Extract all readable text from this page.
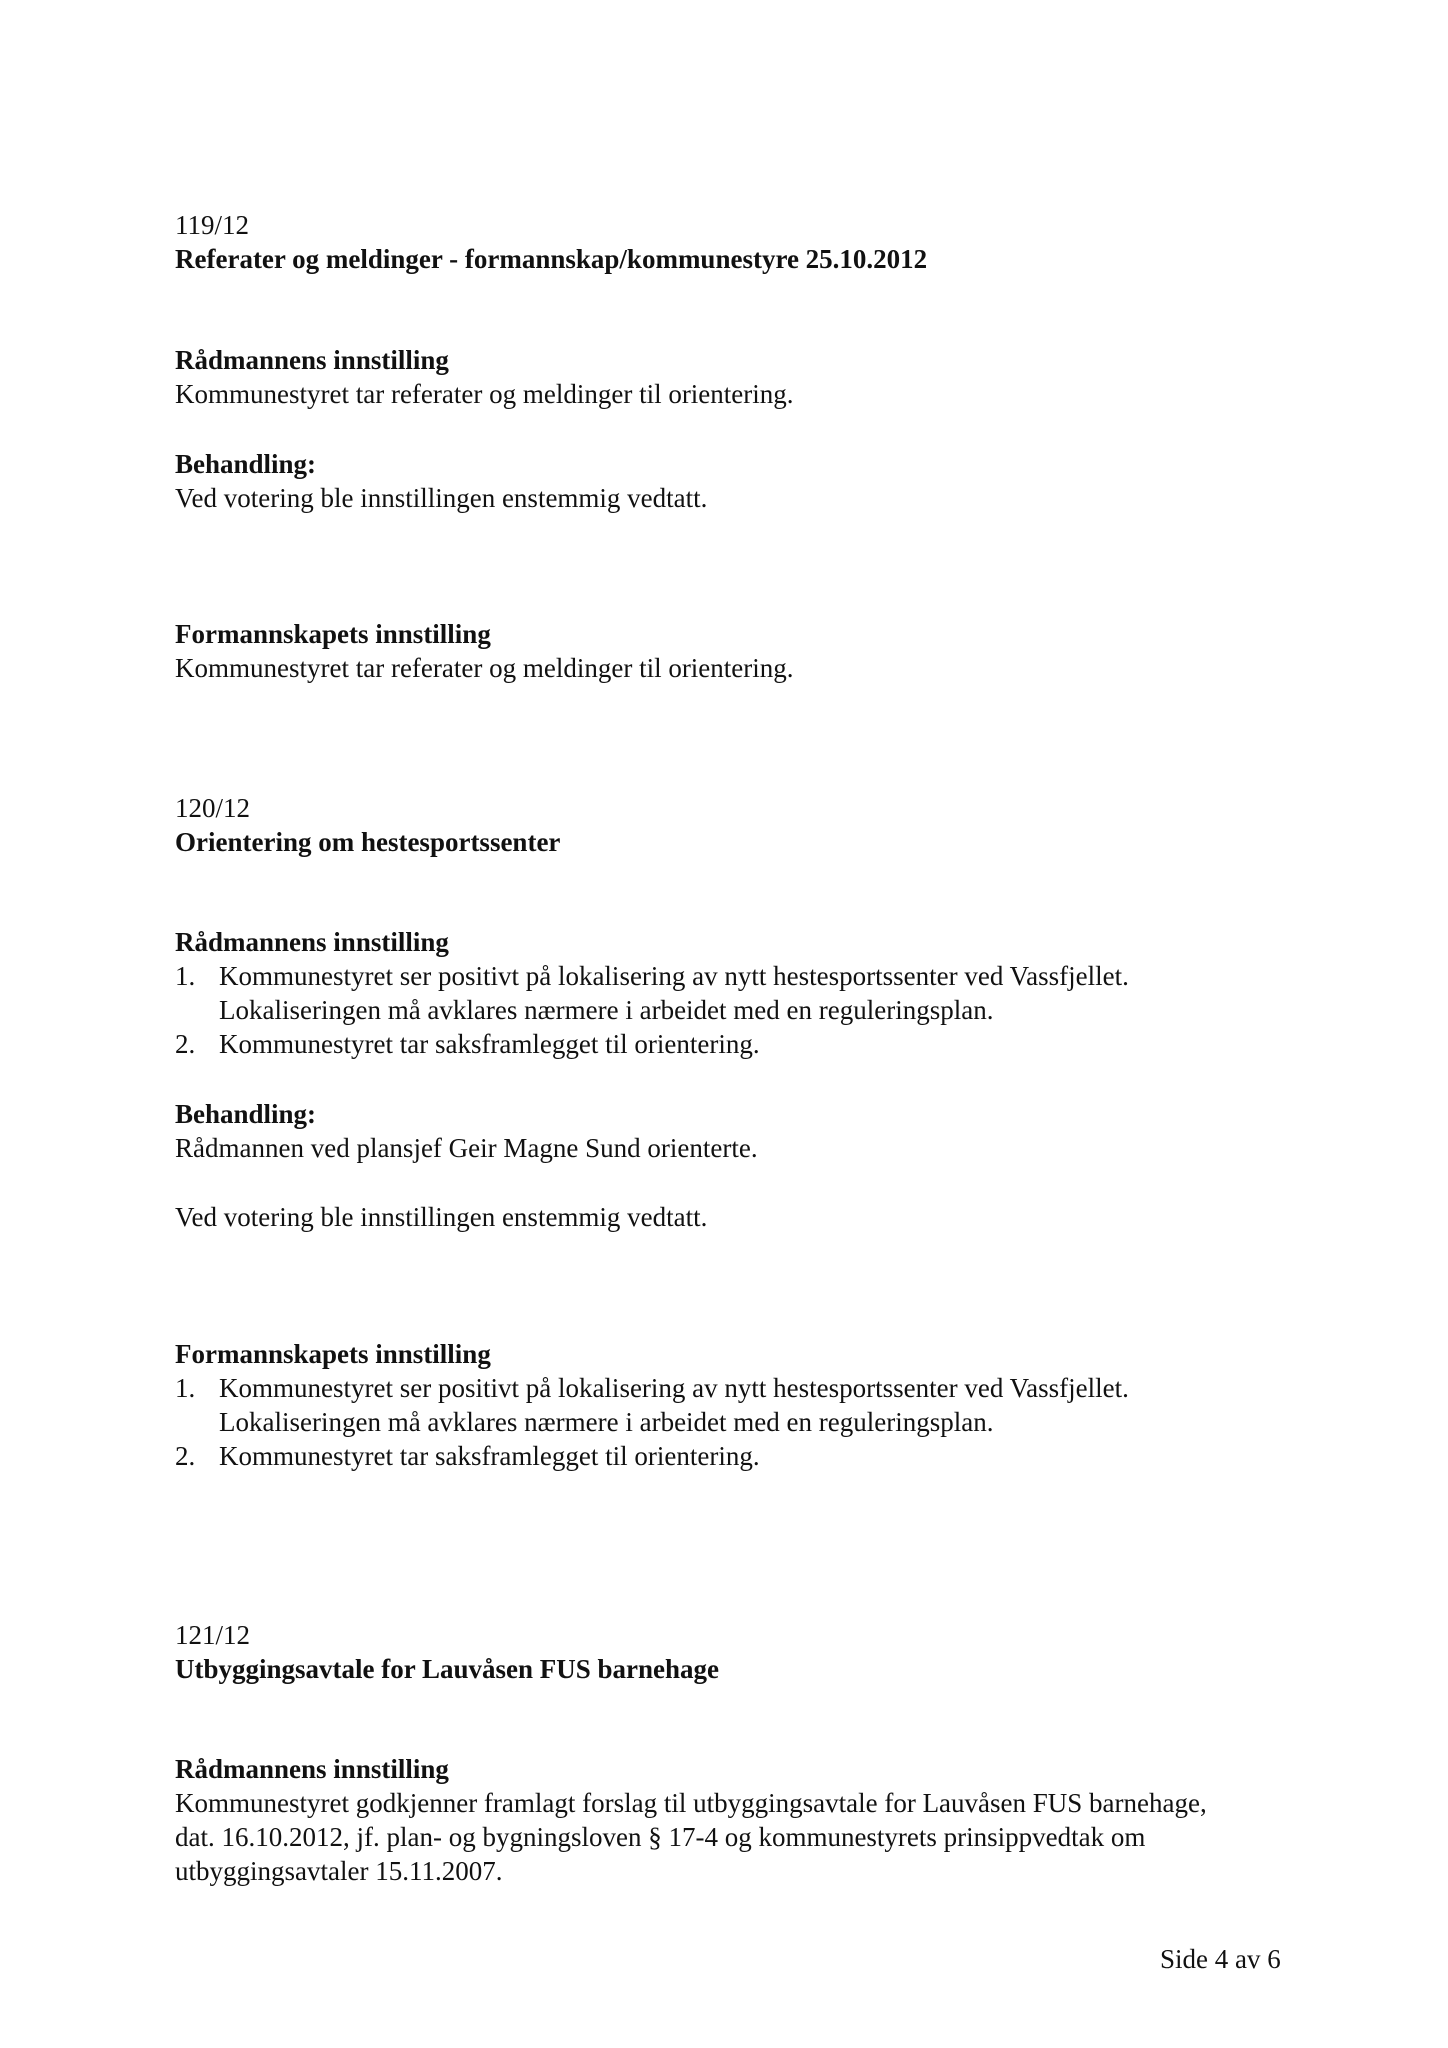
119/12
Referater og meldinger - formannskap/kommunestyre 25.10.2012
Rådmannens innstilling
Kommunestyret tar referater og meldinger til orientering.
Behandling:
Ved votering ble innstillingen enstemmig vedtatt.
Formannskapets innstilling
Kommunestyret tar referater og meldinger til orientering.
120/12
Orientering om hestesportssenter
Rådmannens innstilling
1. Kommunestyret ser positivt på lokalisering av nytt hestesportssenter ved Vassfjellet.
Lokaliseringen må avklares nærmere i arbeidet med en reguleringsplan.
2. Kommunestyret tar saksframlegget til orientering.
Behandling:
Rådmannen ved plansjef Geir Magne Sund orienterte.
Ved votering ble innstillingen enstemmig vedtatt.
Formannskapets innstilling
1. Kommunestyret ser positivt på lokalisering av nytt hestesportssenter ved Vassfjellet.
Lokaliseringen må avklares nærmere i arbeidet med en reguleringsplan.
2. Kommunestyret tar saksframlegget til orientering.
121/12
Utbyggingsavtale for Lauvåsen FUS barnehage
Rådmannens innstilling
Kommunestyret godkjenner framlagt forslag til utbyggingsavtale for Lauvåsen FUS barnehage,
dat. 16.10.2012, jf. plan- og bygningsloven § 17-4 og kommunestyrets prinsippvedtak om
utbyggingsavtaler 15.11.2007.
Side 4 av 6
